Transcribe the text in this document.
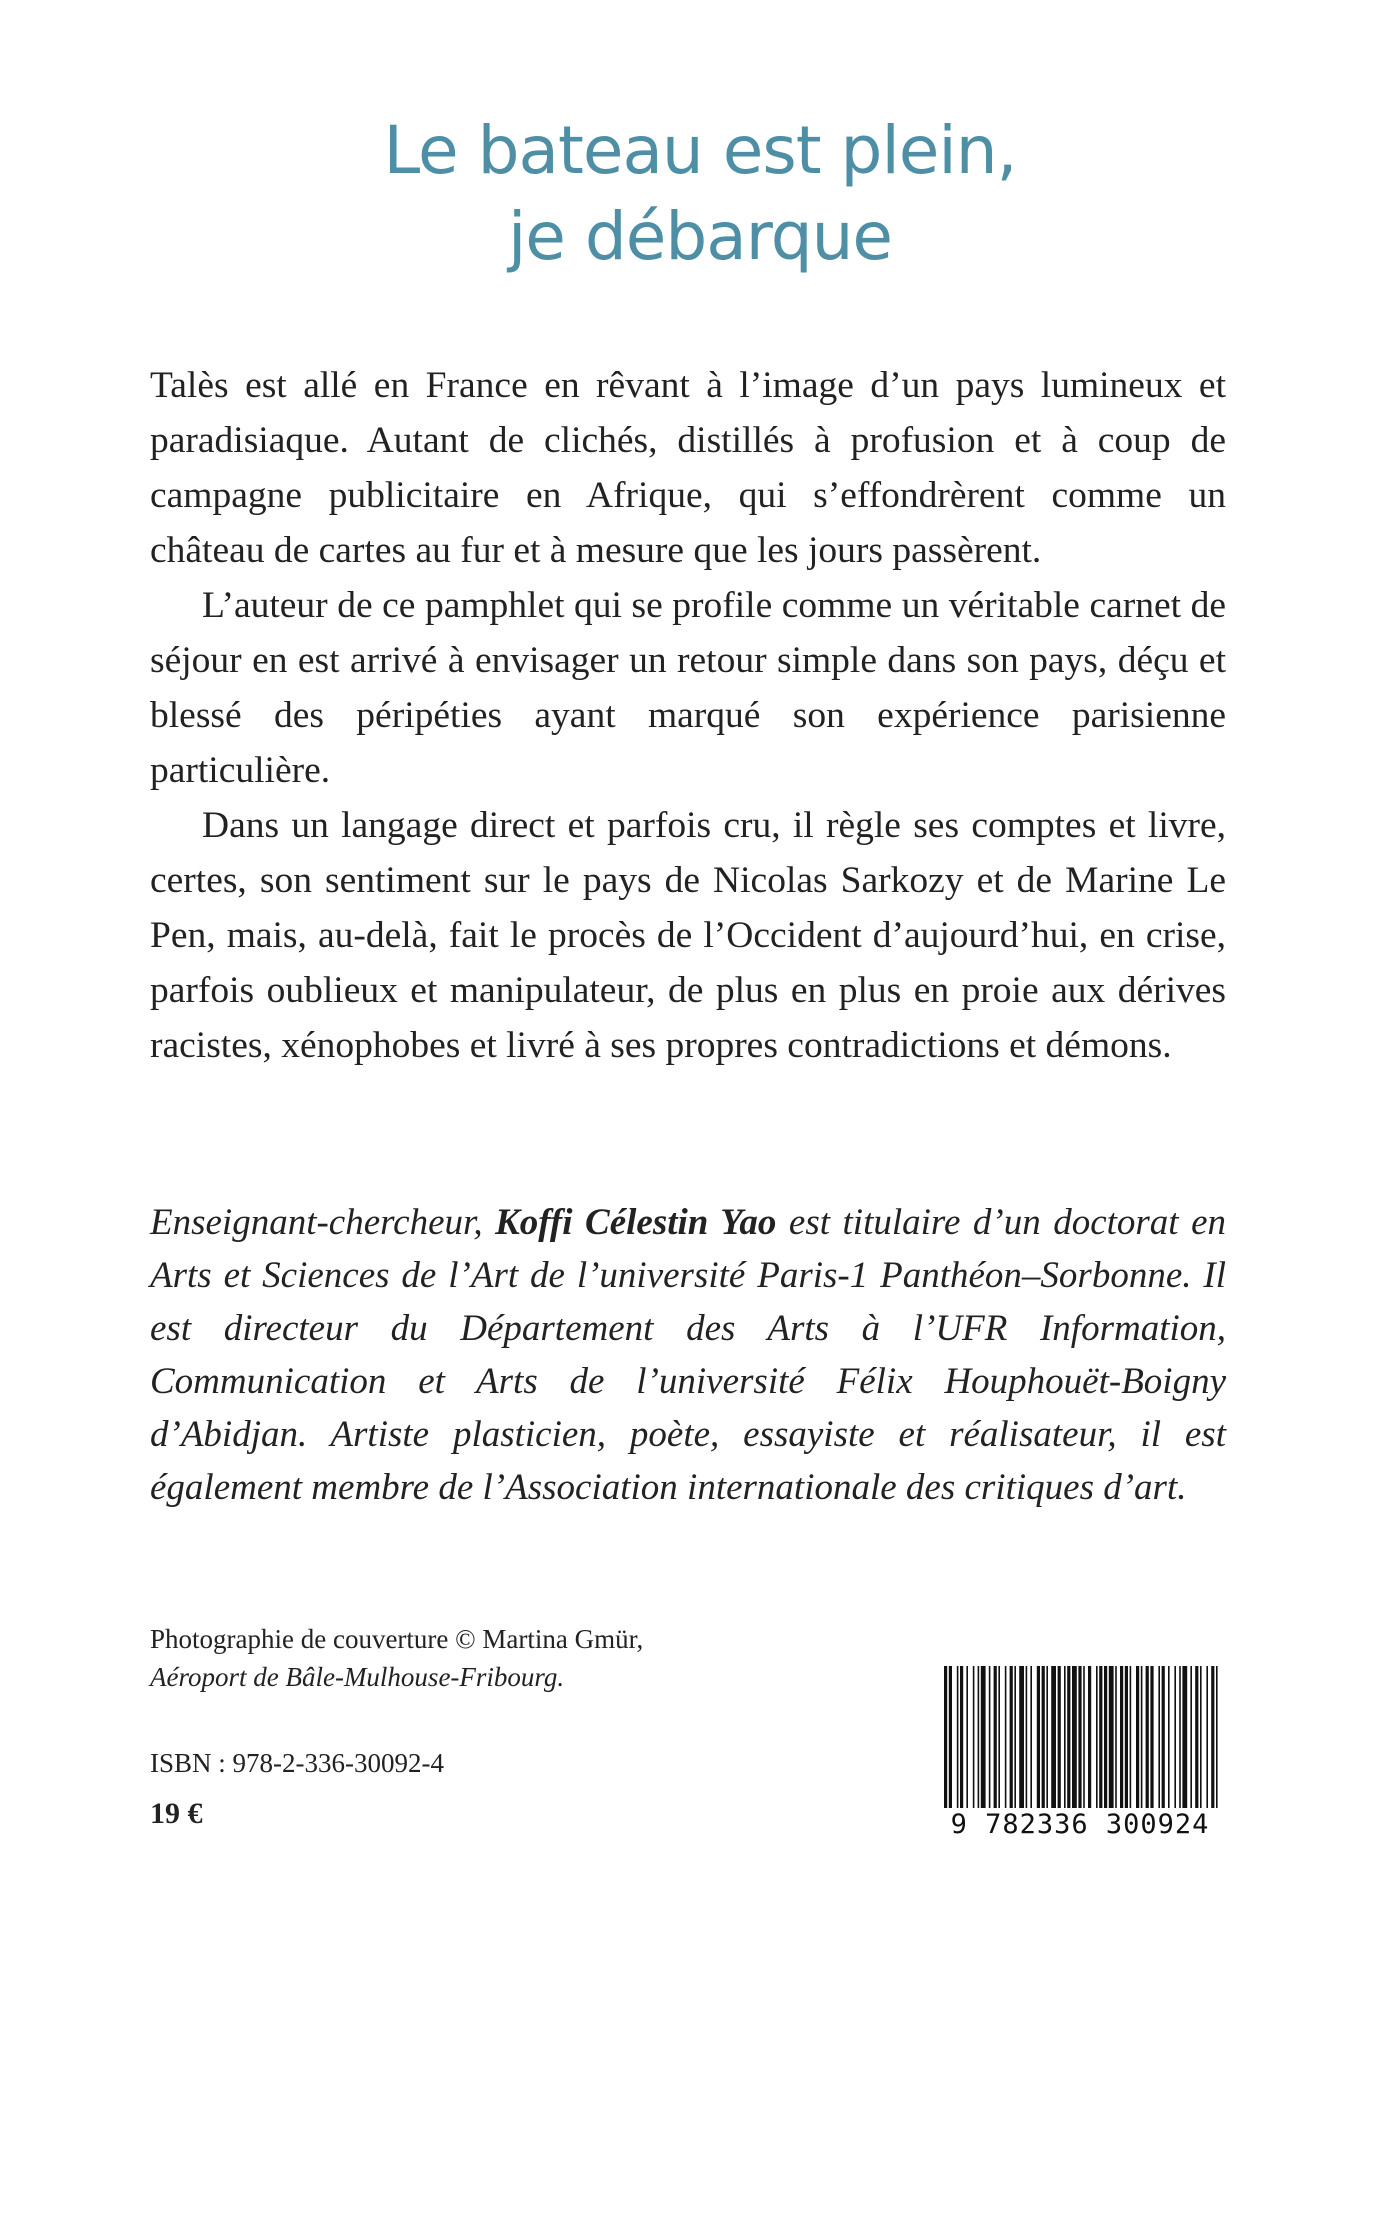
Le bateau est plein,
je débarque

Talès est allé en France en rêvant à l’image d’un pays lumineux et paradisiaque. Autant de clichés, distillés à profusion et à coup de campagne publicitaire en Afrique, qui s’effondrèrent comme un château de cartes au fur et à mesure que les jours passèrent.

L’auteur de ce pamphlet qui se profile comme un véritable carnet de séjour en est arrivé à envisager un retour simple dans son pays, déçu et blessé des péripéties ayant marqué son expérience parisienne particulière.

Dans un langage direct et parfois cru, il règle ses comptes et livre, certes, son sentiment sur le pays de Nicolas Sarkozy et de Marine Le Pen, mais, au-delà, fait le procès de l’Occident d’aujourd’hui, en crise, parfois oublieux et manipulateur, de plus en plus en proie aux dérives racistes, xénophobes et livré à ses propres contradictions et démons.

Enseignant-chercheur, Koffi Célestin Yao est titulaire d’un doctorat en Arts et Sciences de l’Art de l’université Paris-1 Panthéon–Sorbonne. Il est directeur du Département des Arts à l’UFR Information, Communication et Arts de l’université Félix Houphouët-Boigny d’Abidjan. Artiste plasticien, poète, essayiste et réalisateur, il est également membre de l’Association internationale des critiques d’art.

Photographie de couverture © Martina Gmür,
Aéroport de Bâle-Mulhouse-Fribourg.
ISBN : 978-2-336-30092-4
19 €	9 782336 300924
